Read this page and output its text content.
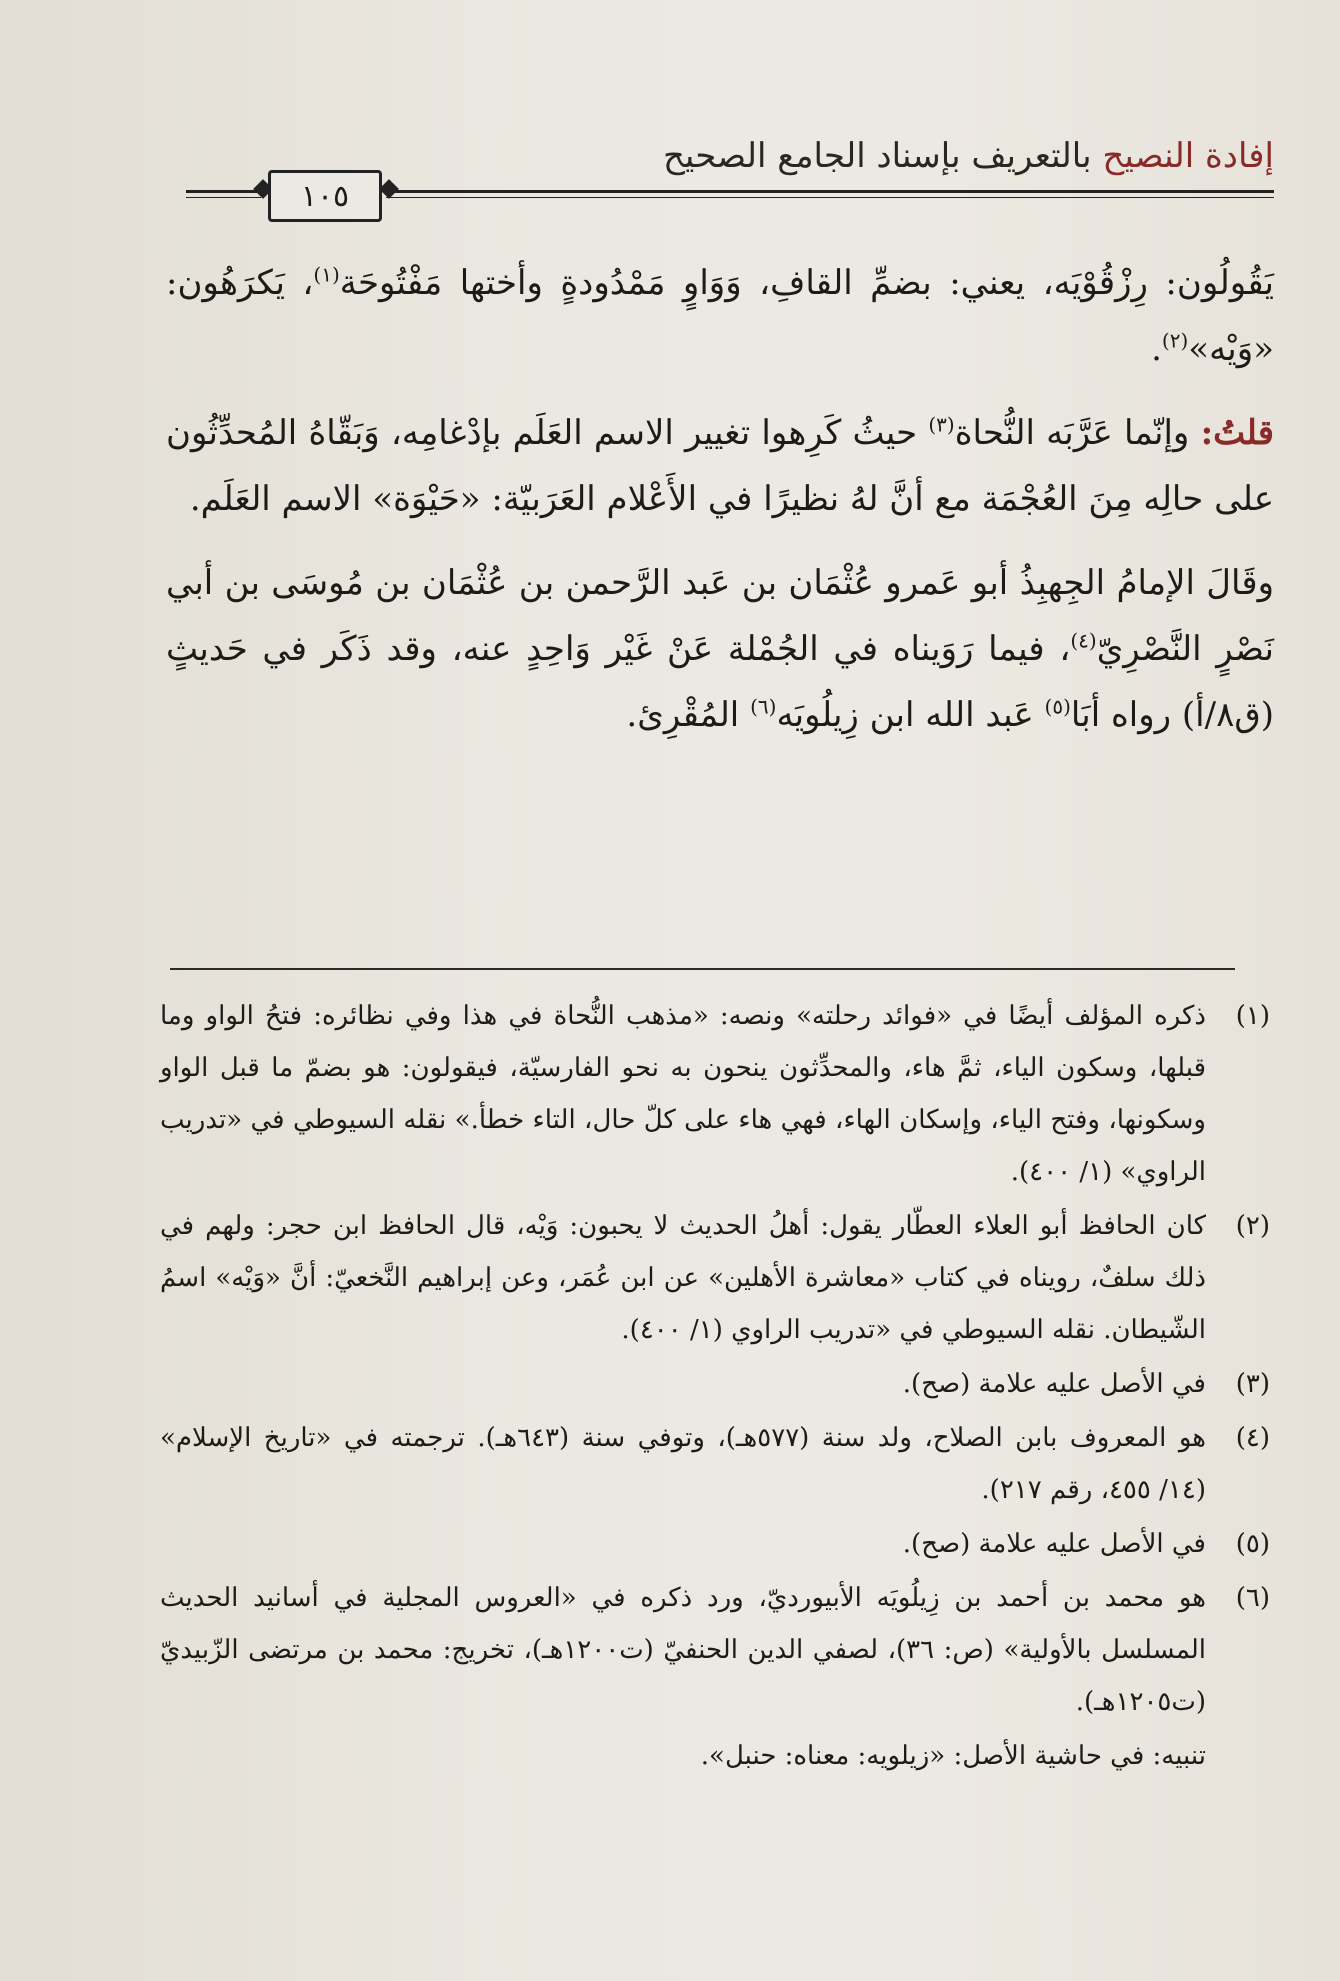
إفادة النصيح بالتعريف بإسناد الجامع الصحيح
١٠٥

يَقُولُون: رِزْقُوْيَه، يعني: بضمِّ القافِ، وَوَاوٍ مَمْدُودةٍ وأختها مَفْتُوحَة$^{(١)}$، يَكرَهُون: «وَيْه»$^{(٢)}$.

قلتُ: وإنّما عَرَّبَه النُّحاة$^{(٣)}$ حيثُ كَرِهوا تغيير الاسم العَلَم بإدْغامِه، وَبَقّاهُ المُحدِّثُون على حالِه مِنَ العُجْمَة مع أنَّ لهُ نظيرًا في الأَعْلام العَرَبيّة: «حَيْوَة» الاسم العَلَم.

وقَالَ الإمامُ الجِهبِذُ أبو عَمرو عُثْمَان بن عَبد الرَّحمن بن عُثْمَان بن مُوسَى بن أبي نَصْرٍ النَّصْرِيّ$^{(٤)}$، فيما رَوَيناه في الجُمْلة عَنْ غَيْر وَاحِدٍ عنه، وقد ذَكَر في حَديثٍ (ق٨/أ) رواه أبَا$^{(٥)}$ عَبد الله ابن زِيلُويَه$^{(٦)}$ المُقْرِئ.

(١)
ذكره المؤلف أيضًا في «فوائد رحلته» ونصه: «مذهب النُّحاة في هذا وفي نظائره: فتحُ الواو وما قبلها، وسكون الياء، ثمَّ هاء، والمحدِّثون ينحون به نحو الفارسيّة، فيقولون: هو بضمّ ما قبل الواو وسكونها، وفتح الياء، وإسكان الهاء، فهي هاء على كلّ حال، التاء خطأ.» نقله السيوطي في «تدريب الراوي» (١/ ٤٠٠).
(٢)
كان الحافظ أبو العلاء العطّار يقول: أهلُ الحديث لا يحبون: وَيْه، قال الحافظ ابن حجر: ولهم في ذلك سلفٌ، رويناه في كتاب «معاشرة الأهلين» عن ابن عُمَر، وعن إبراهيم النَّخعيّ: أنَّ «وَيْه» اسمُ الشّيطان. نقله السيوطي في «تدريب الراوي (١/ ٤٠٠).
(٣)
في الأصل عليه علامة (صح).
(٤)
هو المعروف بابن الصلاح، ولد سنة (٥٧٧هـ)، وتوفي سنة (٦٤٣هـ). ترجمته في «تاريخ الإسلام» (١٤/ ٤٥٥، رقم ٢١٧).
(٥)
في الأصل عليه علامة (صح).
(٦)
هو محمد بن أحمد بن زِيلُويَه الأبيورديّ، ورد ذكره في «العروس المجلية في أسانيد الحديث المسلسل بالأولية» (ص: ٣٦)، لصفي الدين الحنفيّ (ت١٢٠٠هـ)، تخريج: محمد بن مرتضى الزّبيديّ (ت١٢٠٥هـ).
تنبيه: في حاشية الأصل: «زيلويه: معناه: حنبل».
